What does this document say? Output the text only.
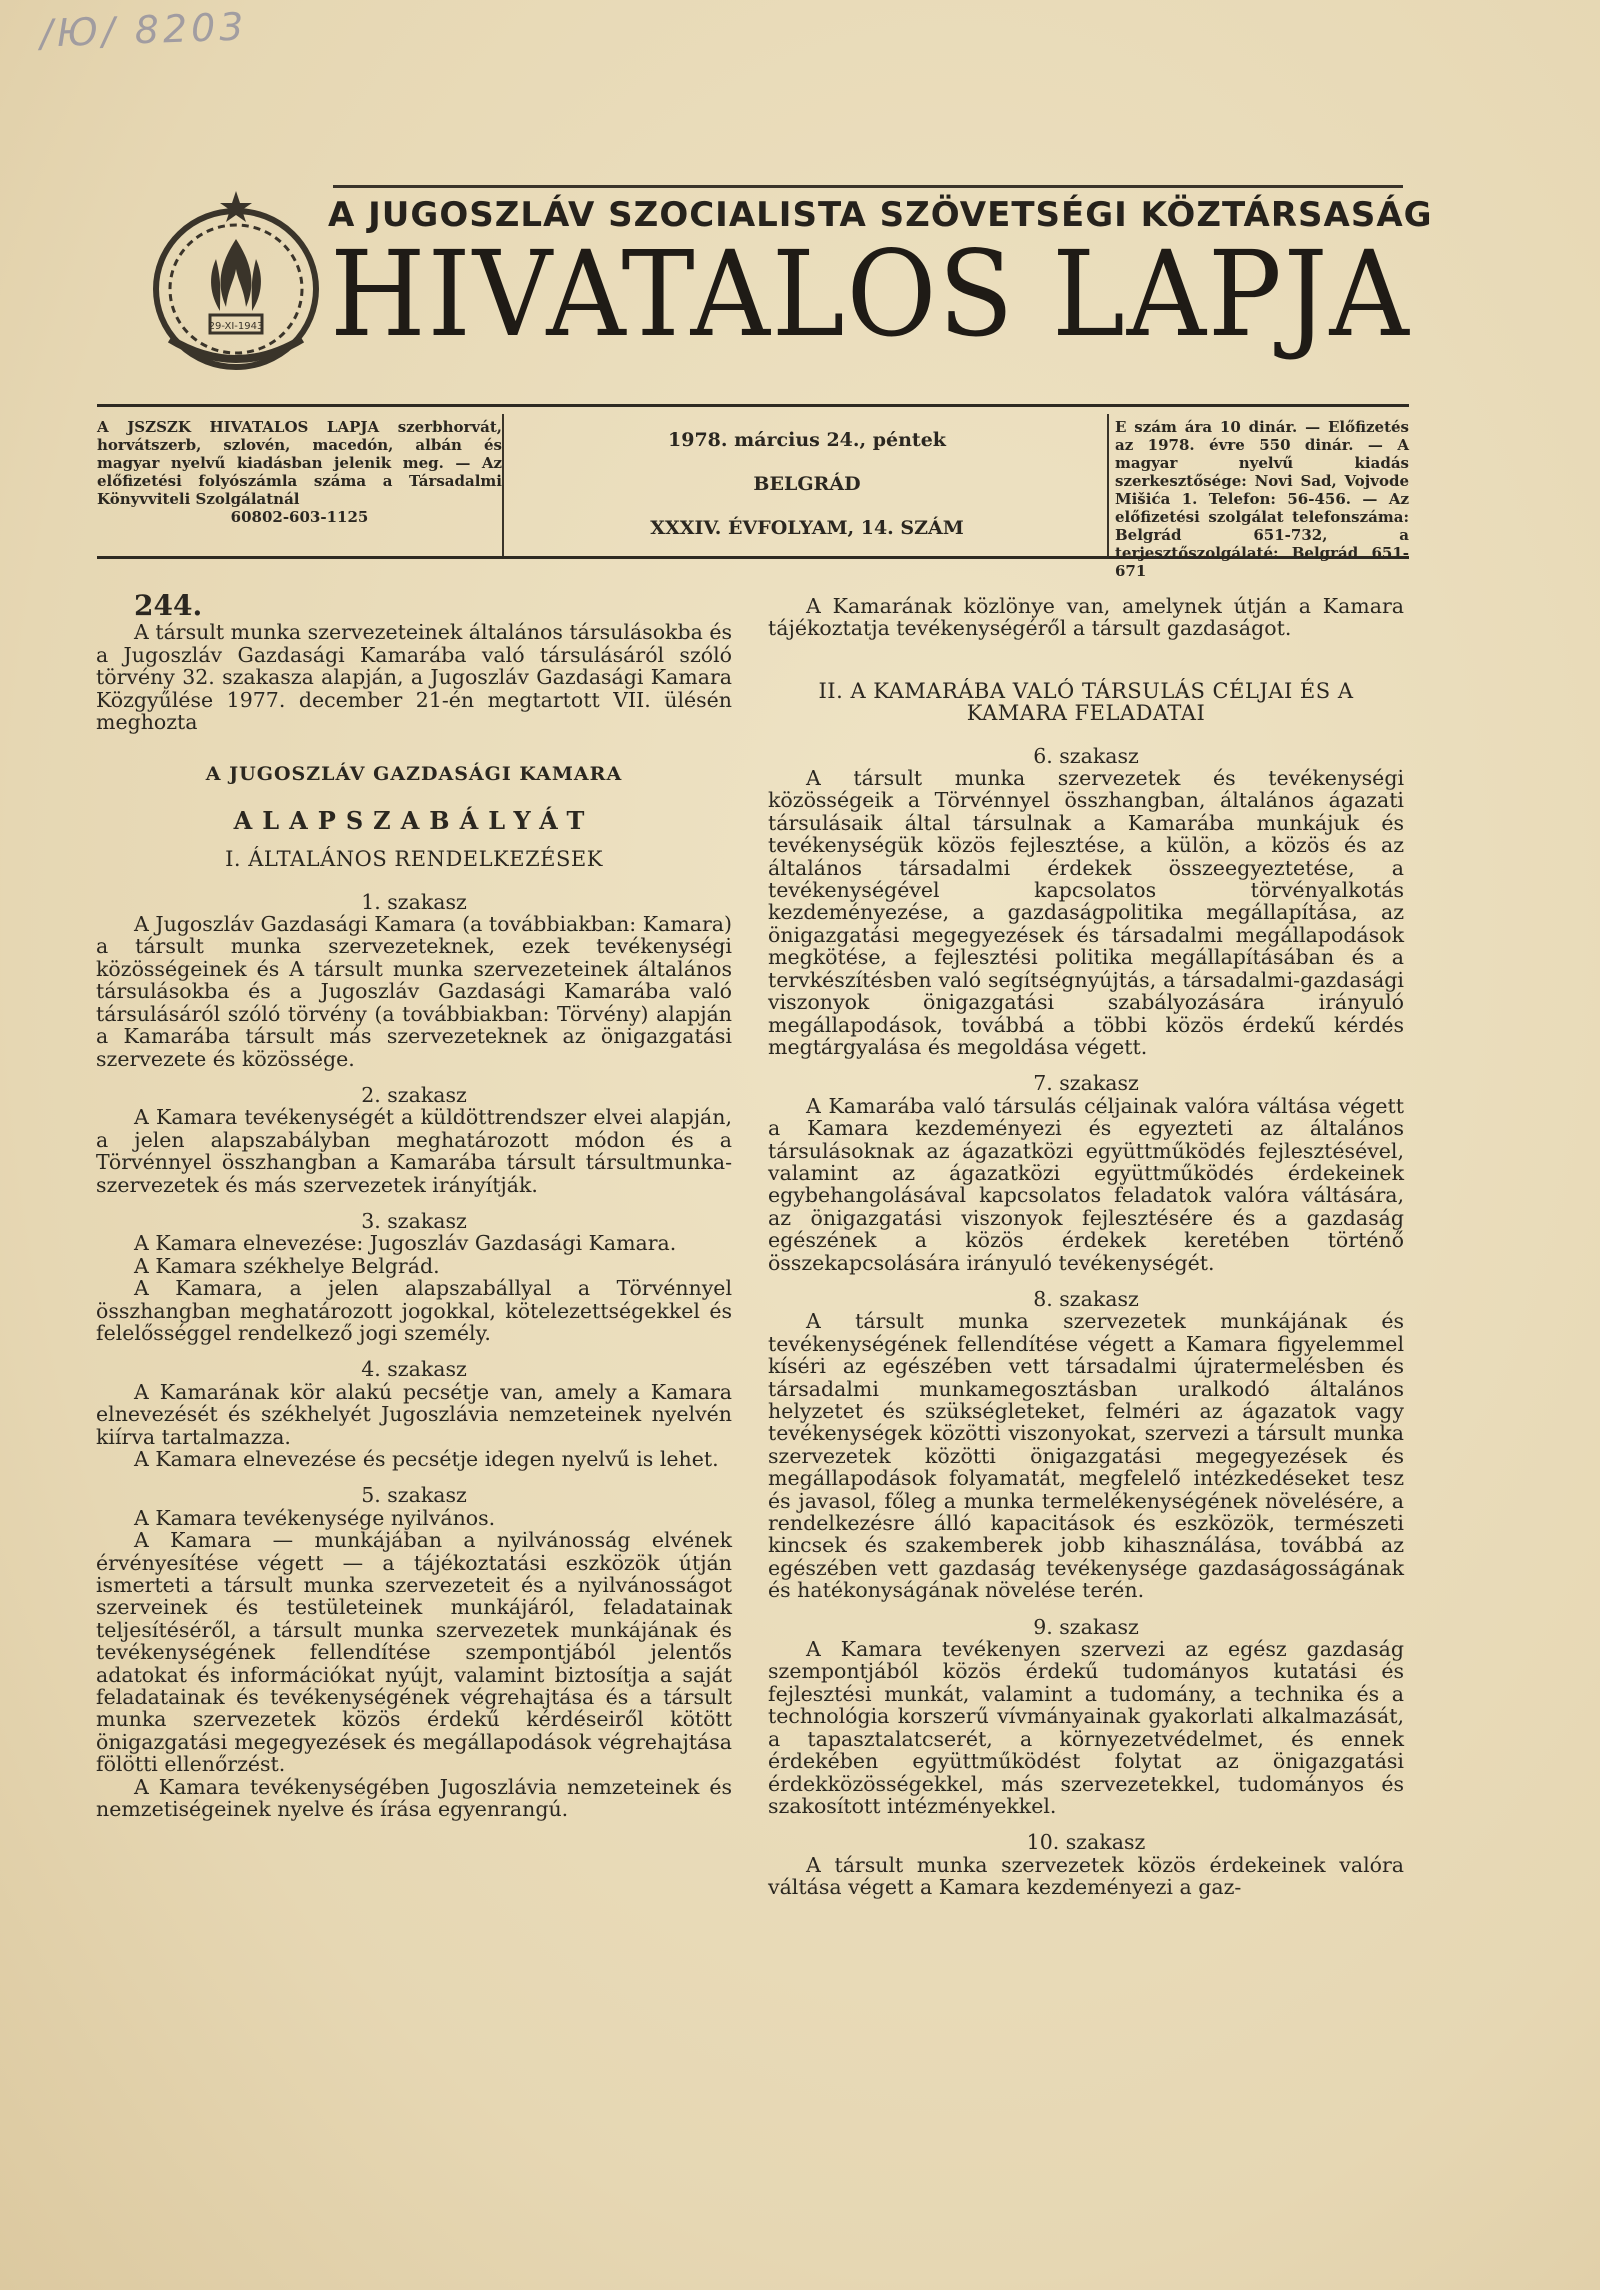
/Ю/ 8203
29-XI-1943
A JUGOSZLÁV SZOCIALISTA SZÖVETSÉGI KÖZTÁRSASÁG
HIVATALOS LAPJA
A JSZSZK HIVATALOS LAPJA szerbhorvát, horvátszerb, szlovén, macedón, albán és magyar nyelvű kiadásban jelenik meg. — Az előfizetési folyószámla száma a Társadalmi Könyvviteli Szolgálatnál
60802-603-1125
1978. március 24., péntek
BELGRÁD
XXXIV. ÉVFOLYAM, 14. SZÁM
E szám ára 10 dinár. — Előfizetés az 1978. évre 550 dinár. — A magyar nyelvű kiadás szerkesztősége: Novi Sad, Vojvode Mišića 1. Telefon: 56-456. — Az előfizetési szolgálat telefonszáma: Belgrád 651-732, a terjesztőszolgálaté: Belgrád 651-671
244.

A társult munka szervezeteinek általános társulásokba és a Jugoszláv Gazdasági Kamarába való társulásáról szóló törvény 32. szakasza alapján, a Jugoszláv Gazdasági Kamara Közgyűlése 1977. december 21-én megtartott VII. ülésén meghozta

A JUGOSZLÁV GAZDASÁGI KAMARA
ALAPSZABÁLYÁT
I. ÁLTALÁNOS RENDELKEZÉSEK
1. szakasz

A Jugoszláv Gazdasági Kamara (a továbbiakban: Kamara) a társult munka szervezeteknek, ezek tevékenységi közösségeinek és A társult munka szervezeteinek általános társulásokba és a Jugoszláv Gazdasági Kamarába való társulásáról szóló törvény (a továbbiakban: Törvény) alapján a Kamarába társult más szervezeteknek az önigazgatási szervezete és közössége.

2. szakasz

A Kamara tevékenységét a küldöttrendszer elvei alapján, a jelen alapszabályban meghatározott módon és a Törvénnyel összhangban a Kamarába társult társultmunka-szervezetek és más szervezetek irányítják.

3. szakasz

A Kamara elnevezése: Jugoszláv Gazdasági Kamara.

A Kamara székhelye Belgrád.

A Kamara, a jelen alapszabállyal a Törvénnyel összhangban meghatározott jogokkal, kötelezettségekkel és felelősséggel rendelkező jogi személy.

4. szakasz

A Kamarának kör alakú pecsétje van, amely a Kamara elnevezését és székhelyét Jugoszlávia nemzeteinek nyelvén kiírva tartalmazza.

A Kamara elnevezése és pecsétje idegen nyelvű is lehet.

5. szakasz

A Kamara tevékenysége nyilvános.

A Kamara — munkájában a nyilvánosság elvének érvényesítése végett — a tájékoztatási eszközök útján ismerteti a társult munka szervezeteit és a nyilvánosságot szerveinek és testületeinek munkájáról, feladatainak teljesítéséről, a társult munka szervezetek munkájának és tevékenységének fellendítése szempontjából jelentős adatokat és információkat nyújt, valamint biztosítja a saját feladatainak és tevékenységének végrehajtása és a társult munka szervezetek közös érdekű kérdéseiről kötött önigazgatási megegyezések és megállapodások végrehajtása fölötti ellenőrzést.

A Kamara tevékenységében Jugoszlávia nemzeteinek és nemzetiségeinek nyelve és írása egyenrangú.

A Kamarának közlönye van, amelynek útján a Kamara tájékoztatja tevékenységéről a társult gazdaságot.

II. A KAMARÁBA VALÓ TÁRSULÁS CÉLJAI ÉS A KAMARA FELADATAI
6. szakasz

A társult munka szervezetek és tevékenységi közösségeik a Törvénnyel összhangban, általános ágazati társulásaik által társulnak a Kamarába munkájuk és tevékenységük közös fejlesztése, a külön, a közös és az általános társadalmi érdekek összeegyeztetése, a tevékenységével kapcsolatos törvényalkotás kezdeményezése, a gazdaságpolitika megállapítása, az önigazgatási megegyezések és társadalmi megállapodások megkötése, a fejlesztési politika megállapításában és a tervkészítésben való segítségnyújtás, a társadalmi-gazdasági viszonyok önigazgatási szabályozására irányuló megállapodások, továbbá a többi közös érdekű kérdés megtárgyalása és megoldása végett.

7. szakasz

A Kamarába való társulás céljainak valóra váltása végett a Kamara kezdeményezi és egyezteti az általános társulásoknak az ágazatközi együttműködés fejlesztésével, valamint az ágazatközi együttműködés érdekeinek egybehangolásával kapcsolatos feladatok valóra váltására, az önigazgatási viszonyok fejlesztésére és a gazdaság egészének a közös érdekek keretében történő összekapcsolására irányuló tevékenységét.

8. szakasz

A társult munka szervezetek munkájának és tevékenységének fellendítése végett a Kamara figyelemmel kíséri az egészében vett társadalmi újratermelésben és társadalmi munkamegosztásban uralkodó általános helyzetet és szükségleteket, felméri az ágazatok vagy tevékenységek közötti viszonyokat, szervezi a társult munka szervezetek közötti önigazgatási megegyezések és megállapodások folyamatát, megfelelő intézkedéseket tesz és javasol, főleg a munka termelékenységének növelésére, a rendelkezésre álló kapacitások és eszközök, természeti kincsek és szakemberek jobb kihasználása, továbbá az egészében vett gazdaság tevékenysége gazdaságosságának és hatékonyságának növelése terén.

9. szakasz

A Kamara tevékenyen szervezi az egész gazdaság szempontjából közös érdekű tudományos kutatási és fejlesztési munkát, valamint a tudomány, a technika és a technológia korszerű vívmányainak gyakorlati alkalmazását, a tapasztalatcserét, a környezetvédelmet, és ennek érdekében együttműködést folytat az önigazgatási érdekközösségekkel, más szervezetekkel, tudományos és szakosított intézményekkel.

10. szakasz

A társult munka szervezetek közös érdekeinek valóra váltása végett a Kamara kezdeményezi a gaz-
